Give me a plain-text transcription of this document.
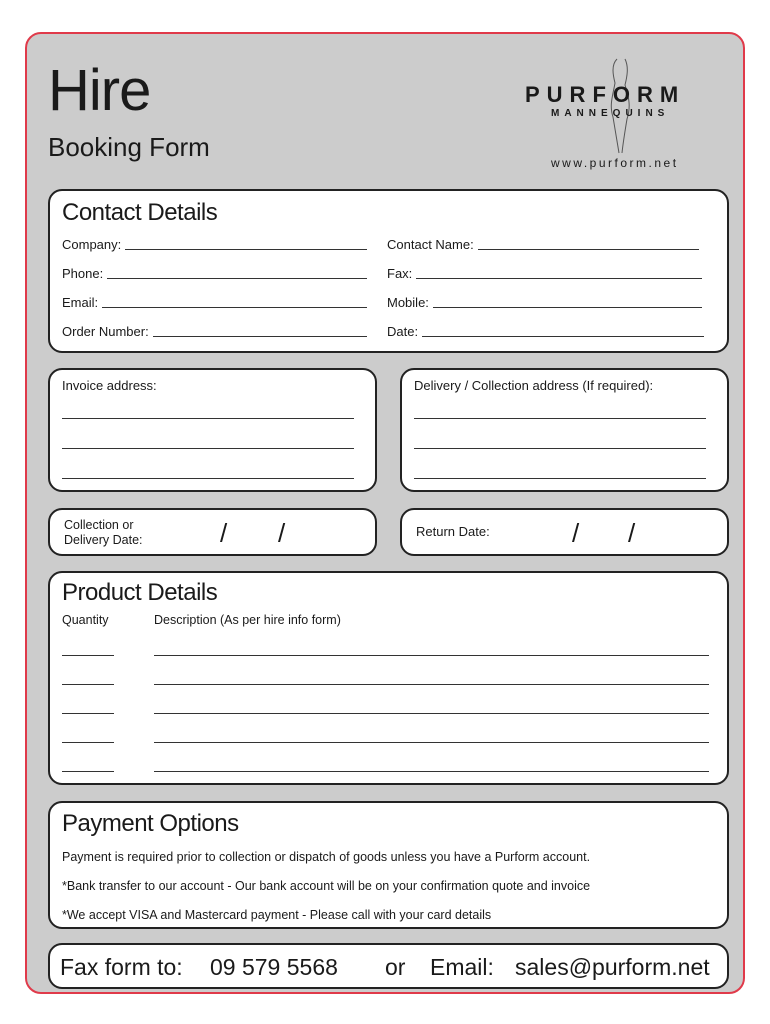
Hire
Booking Form
PURFORM
MANNEQUINS
www.purform.net
Contact Details
Company:	Contact Name:
Phone:	Fax:
Email:	Mobile:
Order Number:	Date:
Invoice address:	Delivery / Collection address (If required):
Collection or
Delivery Date:	/ /	Return Date:	/ /
Product Details
Quantity	Description (As per hire info form)
Payment Options
Payment is required prior to collection or dispatch of goods unless you have a Purform account.
*Bank transfer to our account - Our bank account will be on your confirmation quote and invoice
*We accept VISA and Mastercard payment - Please call with your card details
Fax form to: 09 579 5568 or Email: sales@purform.net
